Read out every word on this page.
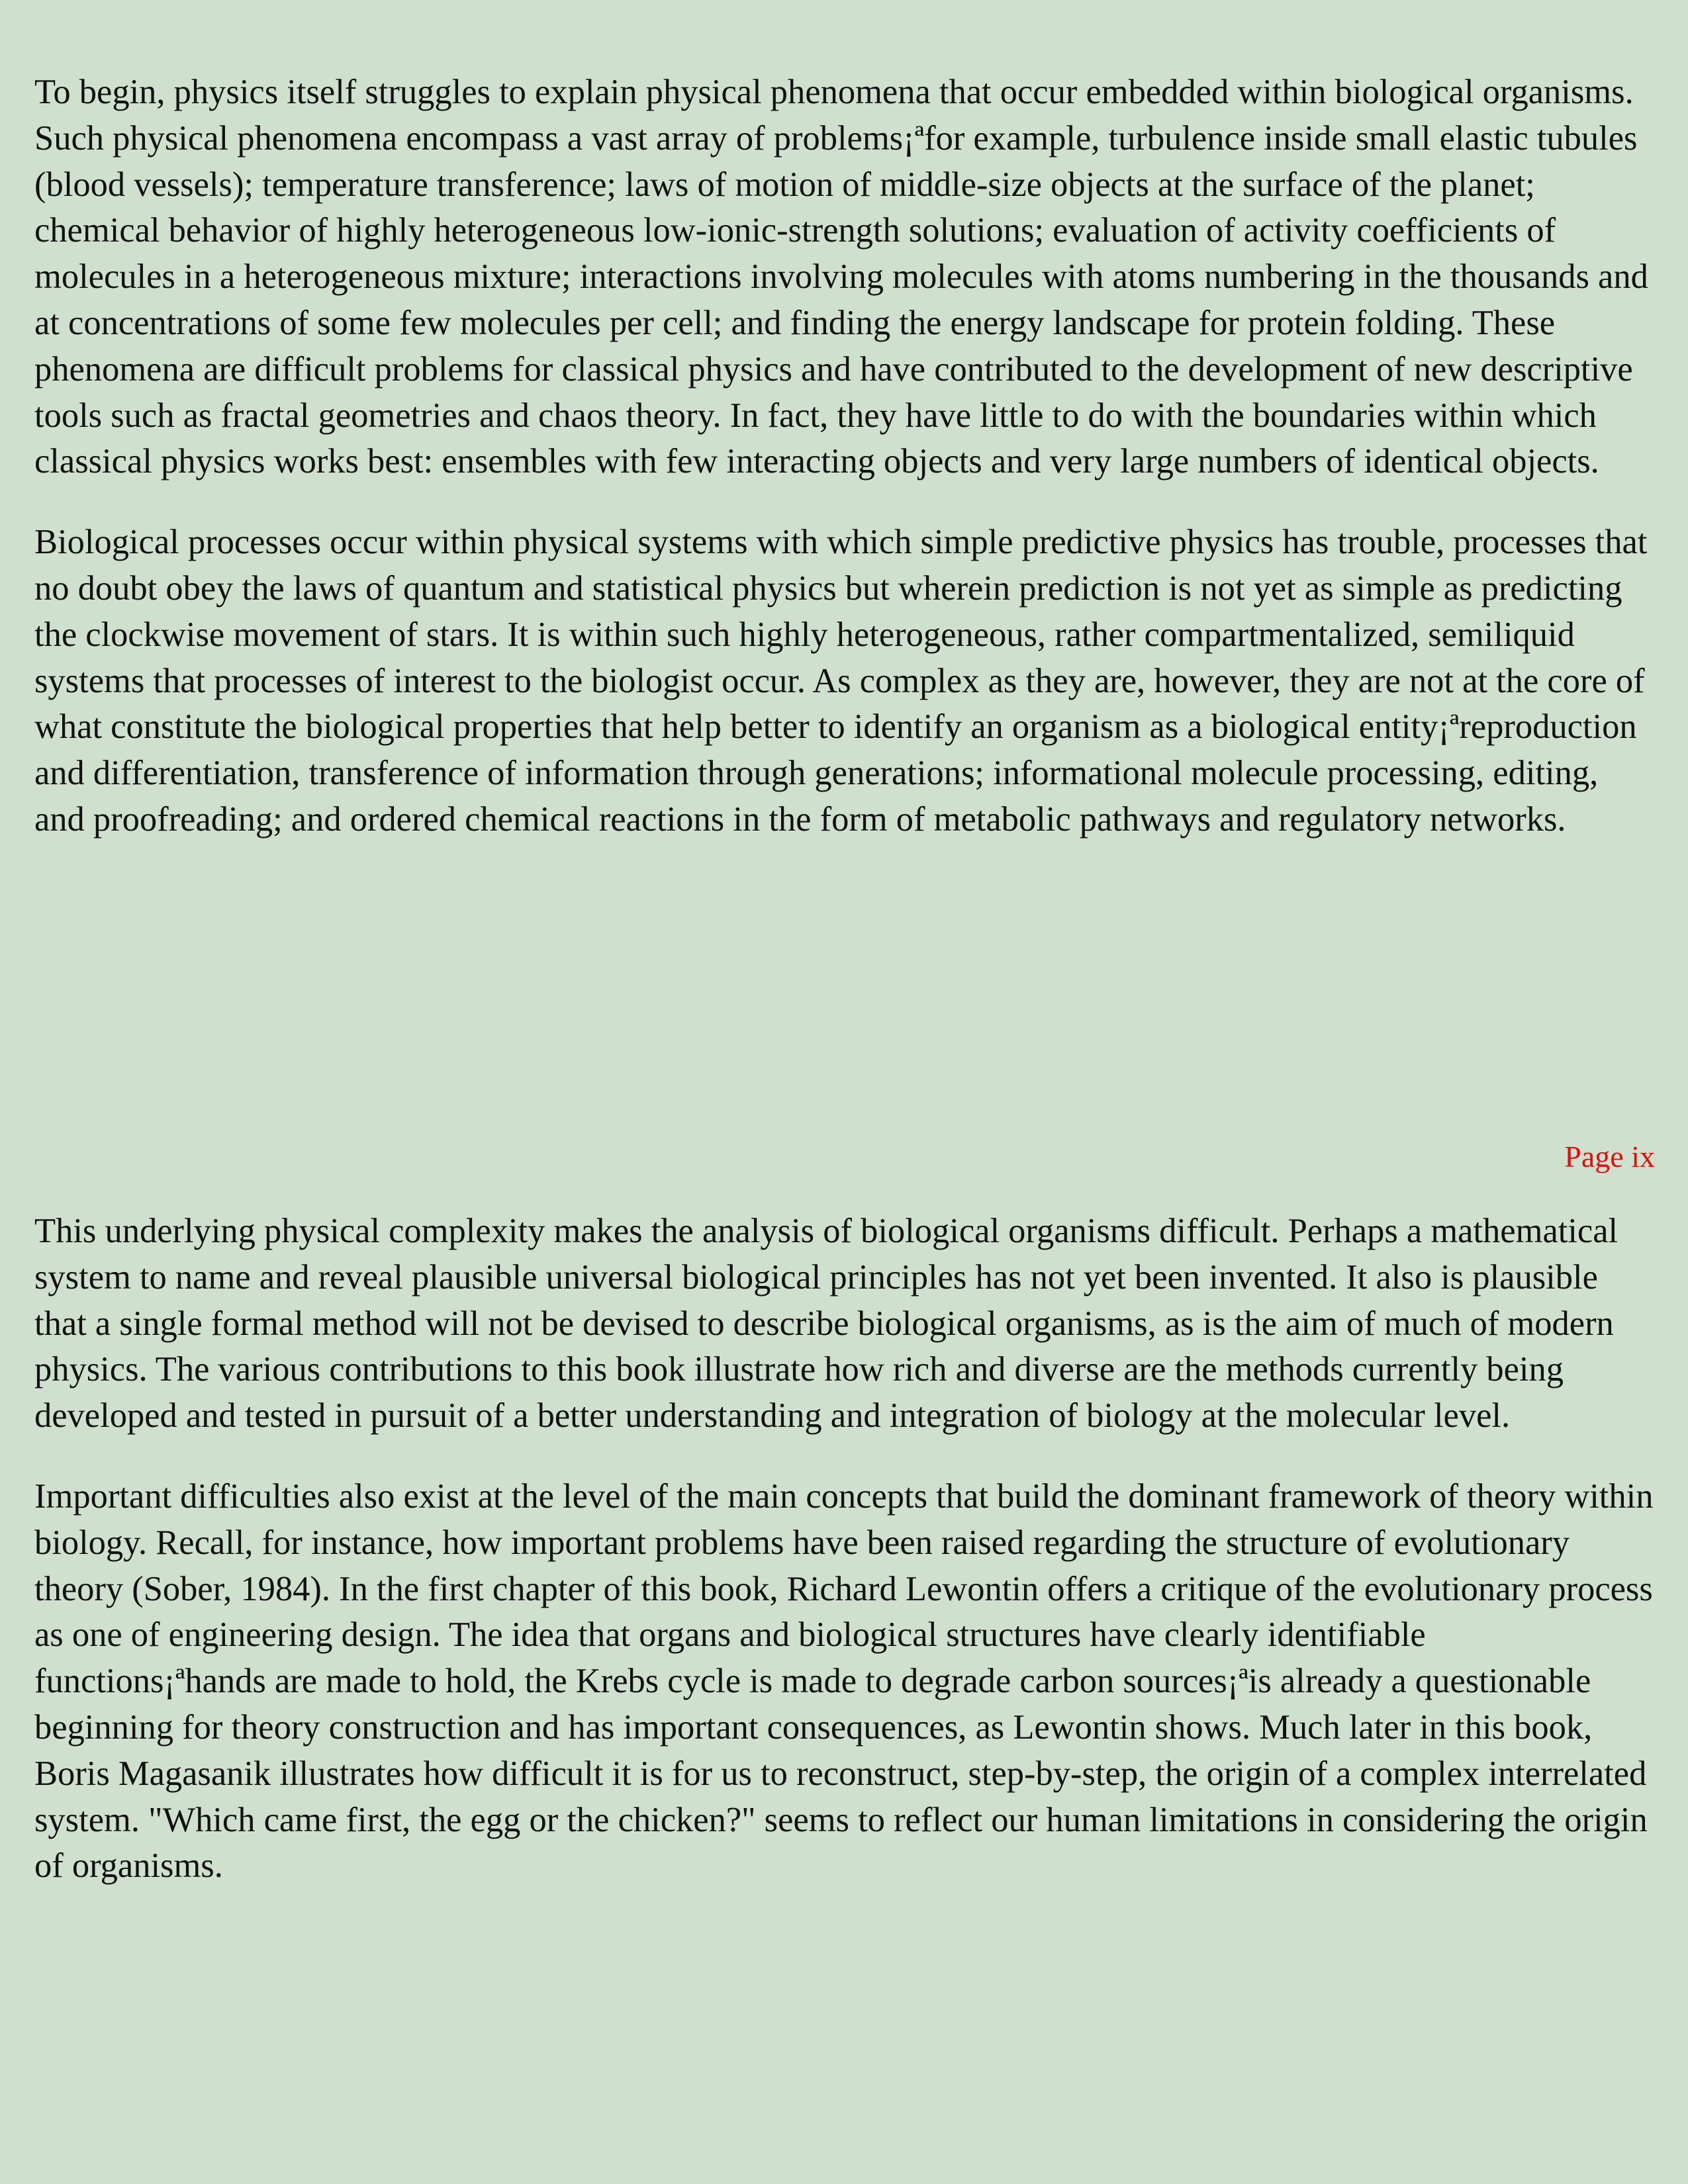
To begin, physics itself struggles to explain physical phenomena that occur embedded within biological organisms. Such physical phenomena encompass a vast array of problems¡ªfor example, turbulence inside small elastic tubules (blood vessels); temperature transference; laws of motion of middle-size objects at the surface of the planet; chemical behavior of highly heterogeneous low-ionic-strength solutions; evaluation of activity coefficients of molecules in a heterogeneous mixture; interactions involving molecules with atoms numbering in the thousands and at concentrations of some few molecules per cell; and finding the energy landscape for protein folding. These phenomena are difficult problems for classical physics and have contributed to the development of new descriptive tools such as fractal geometries and chaos theory. In fact, they have little to do with the boundaries within which classical physics works best: ensembles with few interacting objects and very large numbers of identical objects.

Biological processes occur within physical systems with which simple predictive physics has trouble, processes that no doubt obey the laws of quantum and statistical physics but wherein prediction is not yet as simple as predicting the clockwise movement of stars. It is within such highly heterogeneous, rather compartmentalized, semiliquid systems that processes of interest to the biologist occur. As complex as they are, however, they are not at the core of what constitute the biological properties that help better to identify an organism as a biological entity¡ªreproduction and differentiation, transference of information through generations; informational molecule processing, editing, and proofreading; and ordered chemical reactions in the form of metabolic pathways and regulatory networks.

Page ix

This underlying physical complexity makes the analysis of biological organisms difficult. Perhaps a mathematical system to name and reveal plausible universal biological principles has not yet been invented. It also is plausible that a single formal method will not be devised to describe biological organisms, as is the aim of much of modern physics. The various contributions to this book illustrate how rich and diverse are the methods currently being developed and tested in pursuit of a better understanding and integration of biology at the molecular level.

Important difficulties also exist at the level of the main concepts that build the dominant framework of theory within biology. Recall, for instance, how important problems have been raised regarding the structure of evolutionary theory (Sober, 1984). In the first chapter of this book, Richard Lewontin offers a critique of the evolutionary process as one of engineering design. The idea that organs and biological structures have clearly identifiable functions¡ªhands are made to hold, the Krebs cycle is made to degrade carbon sources¡ªis already a questionable beginning for theory construction and has important consequences, as Lewontin shows. Much later in this book, Boris Magasanik illustrates how difficult it is for us to reconstruct, step-by-step, the origin of a complex interrelated system. "Which came first, the egg or the chicken?" seems to reflect our human limitations in considering the origin of organisms.
